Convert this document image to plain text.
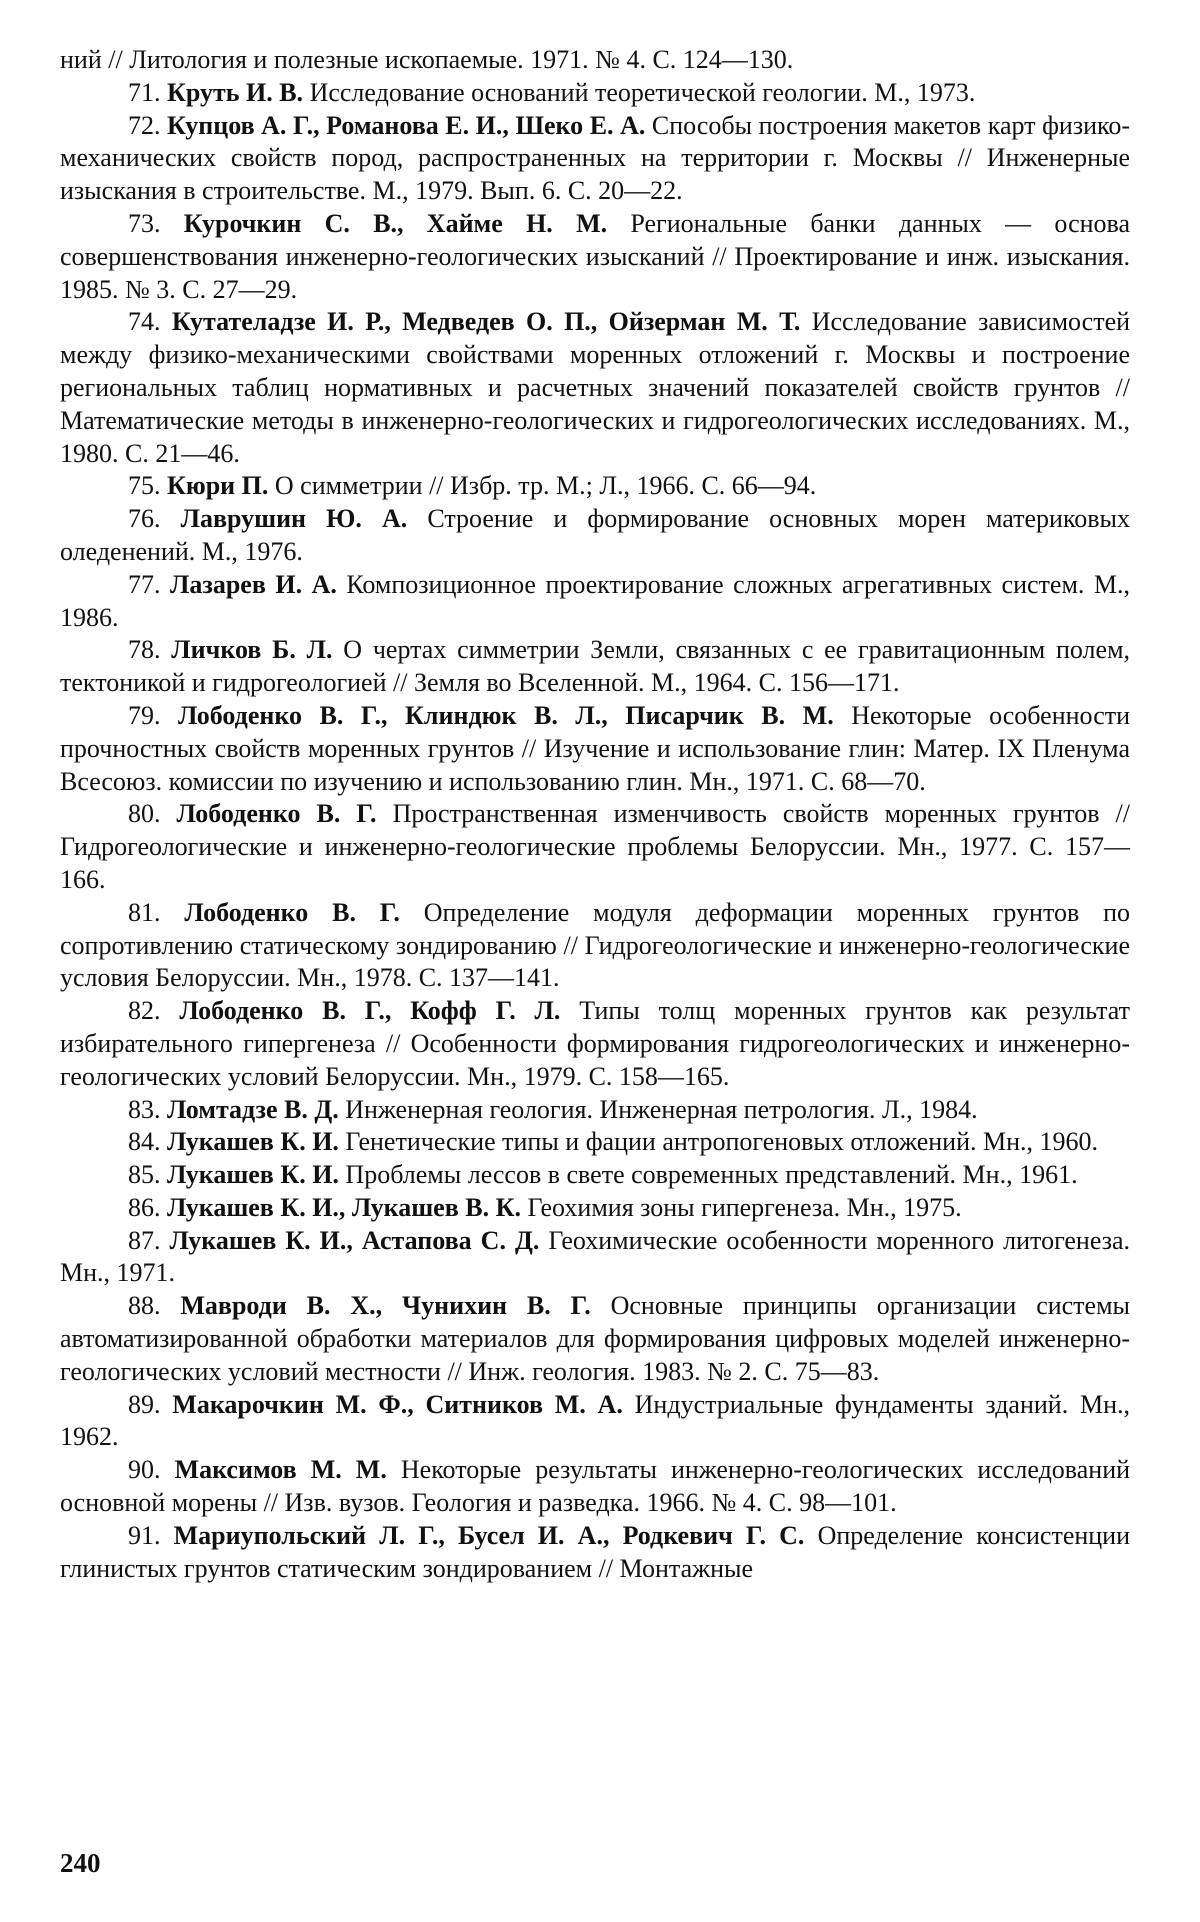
ний // Литология и полезные ископаемые. 1971. № 4. С. 124—130.

71. Круть И. В. Исследование оснований теоретической геологии. М., 1973.

72. Купцов А. Г., Романова Е. И., Шеко Е. А. Способы построения макетов карт физико-механических свойств пород, распространенных на территории г. Москвы // Инженерные изыскания в строительстве. М., 1979. Вып. 6. С. 20—22.

73. Курочкин С. В., Хайме Н. М. Региональные банки данных — основа совершенствования инженерно-геологических изысканий // Проектирование и инж. изыскания. 1985. № 3. С. 27—29.

74. Кутателадзе И. Р., Медведев О. П., Ойзерман М. Т. Исследование зависимостей между физико-механическими свойствами моренных отложений г. Москвы и построение региональных таблиц нормативных и расчетных значений показателей свойств грунтов // Математические методы в инженерно-геологических и гидрогеологических исследованиях. М., 1980. С. 21—46.

75. Кюри П. О симметрии // Избр. тр. М.; Л., 1966. С. 66—94.

76. Лаврушин Ю. А. Строение и формирование основных морен материковых оледенений. М., 1976.

77. Лазарев И. А. Композиционное проектирование сложных агрегативных систем. М., 1986.

78. Личков Б. Л. О чертах симметрии Земли, связанных с ее гравитационным полем, тектоникой и гидрогеологией // Земля во Вселенной. М., 1964. С. 156—171.

79. Лободенко В. Г., Клиндюк В. Л., Писарчик В. М. Некоторые особенности прочностных свойств моренных грунтов // Изучение и использование глин: Матер. IX Пленума Всесоюз. комиссии по изучению и использованию глин. Мн., 1971. С. 68—70.

80. Лободенко В. Г. Пространственная изменчивость свойств моренных грунтов // Гидрогеологические и инженерно-геологические проблемы Белоруссии. Мн., 1977. С. 157—166.

81. Лободенко В. Г. Определение модуля деформации моренных грунтов по сопротивлению статическому зондированию // Гидрогеологические и инженерно-геологические условия Белоруссии. Мн., 1978. С. 137—141.

82. Лободенко В. Г., Кофф Г. Л. Типы толщ моренных грунтов как результат избирательного гипергенеза // Особенности формирования гидрогеологических и инженерно-геологических условий Белоруссии. Мн., 1979. С. 158—165.

83. Ломтадзе В. Д. Инженерная геология. Инженерная петрология. Л., 1984.

84. Лукашев К. И. Генетические типы и фации антропогеновых отложений. Мн., 1960.

85. Лукашев К. И. Проблемы лессов в свете современных представлений. Мн., 1961.

86. Лукашев К. И., Лукашев В. К. Геохимия зоны гипергенеза. Мн., 1975.

87. Лукашев К. И., Астапова С. Д. Геохимические особенности моренного литогенеза. Мн., 1971.

88. Мавроди В. Х., Чунихин В. Г. Основные принципы организации системы автоматизированной обработки материалов для формирования цифровых моделей инженерно-геологических условий местности // Инж. геология. 1983. № 2. С. 75—83.

89. Макарочкин М. Ф., Ситников М. А. Индустриальные фундаменты зданий. Мн., 1962.

90. Максимов М. М. Некоторые результаты инженерно-геологических исследований основной морены // Изв. вузов. Геология и разведка. 1966. № 4. С. 98—101.

91. Мариупольский Л. Г., Бусел И. А., Родкевич Г. С. Определение консистенции глинистых грунтов статическим зондированием // Монтажные

240
